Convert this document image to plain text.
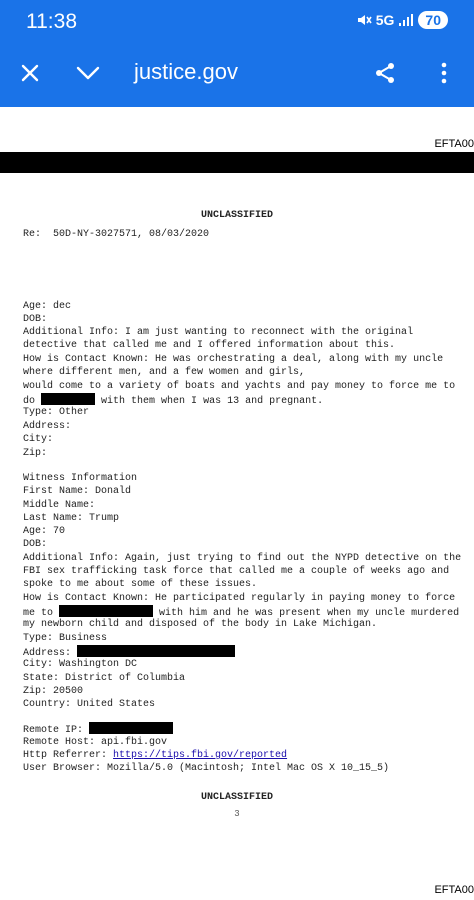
11:38	5G	70
justice.gov
EFTA00
UNCLASSIFIED
Re:  50D-NY-3027571, 08/03/2020
Age: dec
DOB:
Additional Info: I am just wanting to reconnect with the original
detective that called me and I offered information about this.
How is Contact Known: He was orchestrating a deal, along with my uncle
where different men, and a few women and girls,
would come to a variety of boats and yachts and pay money to force me to
do	with them when I was 13 and pregnant.
Type: Other
Address:
City:
Zip:
Witness Information
First Name: Donald
Middle Name:
Last Name: Trump
Age: 70
DOB:
Additional Info: Again, just trying to find out the NYPD detective on the
FBI sex trafficking task force that called me a couple of weeks ago and
spoke to me about some of these issues.
How is Contact Known: He participated regularly in paying money to force
me to	with him and he was present when my uncle murdered
my newborn child and disposed of the body in Lake Michigan.
Type: Business
Address:
City: Washington DC
State: District of Columbia
Zip: 20500
Country: United States
Remote IP:
Remote Host: api.fbi.gov
Http Referrer: https://tips.fbi.gov/reported
User Browser: Mozilla/5.0 (Macintosh; Intel Mac OS X 10_15_5)
UNCLASSIFIED
3
EFTA00
